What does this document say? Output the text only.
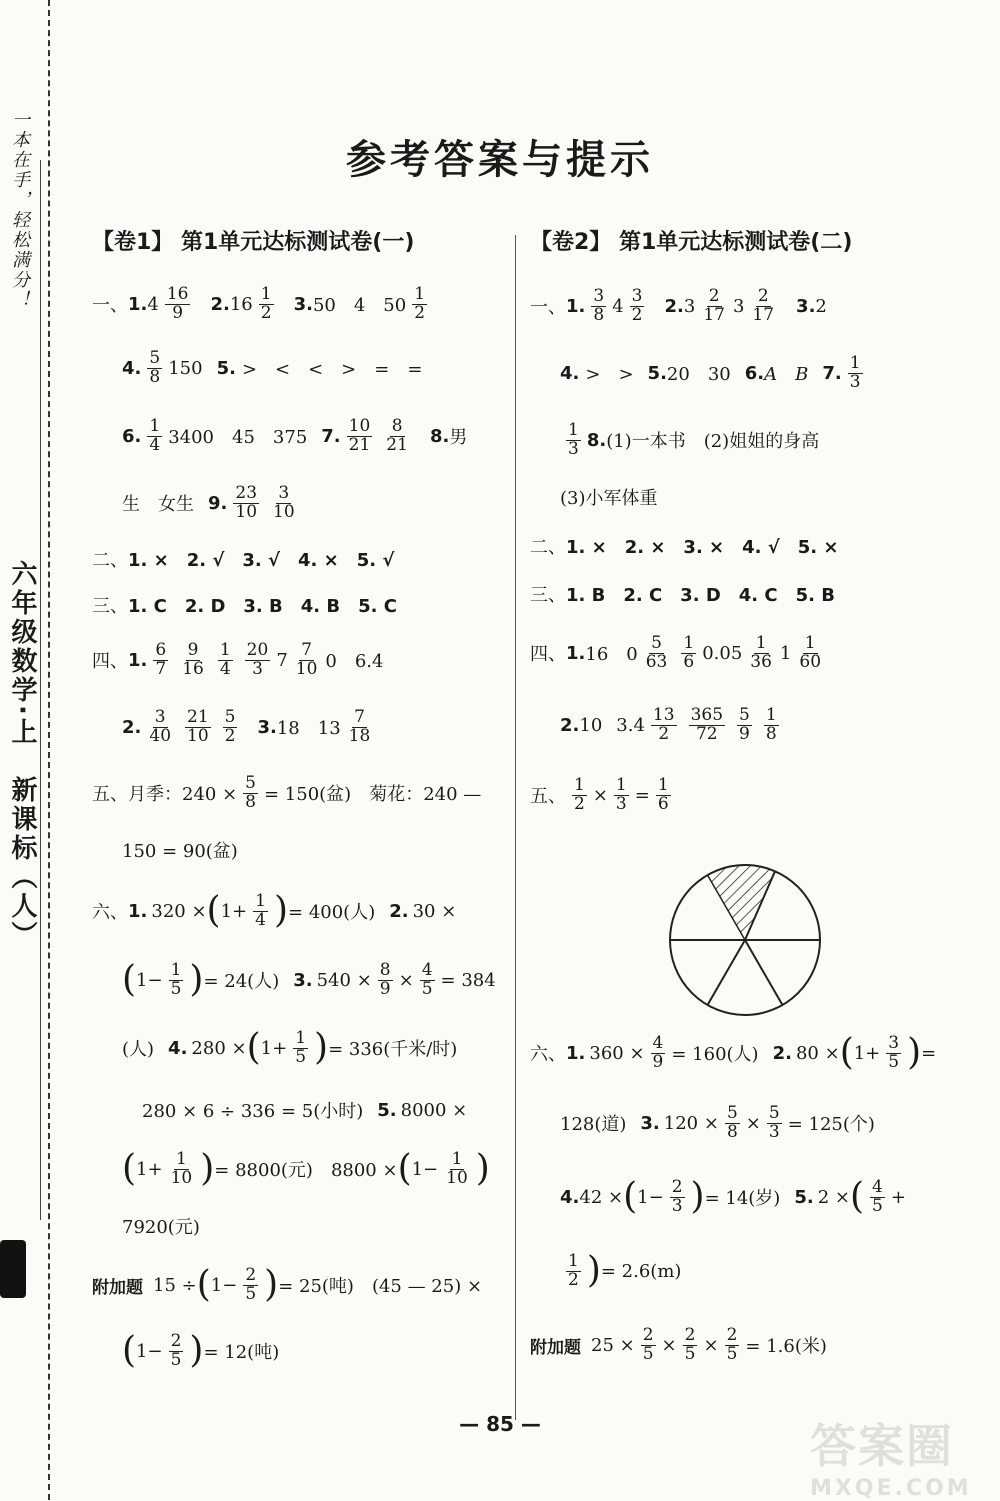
一本在手，轻松满分！
六年级数学·上　新课标（人）
参考答案与提示
【卷1】 第1单元达标测试卷(一)
一、 1. $4 \frac{16}{9} 2$. $16 \frac{1}{2} 3$. 50　4　$50 \frac{1}{2}$
4. $\frac{5}{8} 150$ 5. >　<　<　>　=　=
6. $\frac{1}{4} 3400$　45　375 7. $\frac{10}{21} \frac{8}{21} 8$. 男
生　女生 9. $\frac{23}{10} \frac{3}{10}$
二、 1. ×　2. √　3. √　4. ×　5. √
三、 1. C　2. D　3. B　4. B　5. C
四、 1. $\frac{6}{7} \frac{9}{16} \frac{1}{4} \frac{20}{3} 7 \frac{7}{10} 0$　6.4
2. $\frac{3}{40} \frac{21}{10} \frac{5}{2} 3$. 18　$13 \frac{7}{18}$
五、 月季：$240 \times \frac{5}{8} = 150$(盆)　菊花：240 —
150 = 90(盆)
六、 1. 320 × ( $1+ \frac{1}{4}$ ) = 400(人) 2. 30 ×
( $1- \frac{1}{5}$ ) = 24(人) 3. $540 \times \frac{8}{9} \times \frac{4}{5} = 384$
(人) 4. 280 × ( $1+ \frac{1}{5}$ ) = 336(千米/时)
280 × 6 ÷ 336 = 5(小时) 5. 8000 ×
( $1+ \frac{1}{10}$ ) = 8800(元)　8800 × ( $1- \frac{1}{10}$ )
7920(元)
附加题 15 ÷ ( $1- \frac{2}{5}$ ) = 25(吨)　(45 — 25) ×
( $1- \frac{2}{5}$ ) = 12(吨)
【卷2】 第1单元达标测试卷(二)
一、 1. $\frac{3}{8} 4 \frac{3}{2} 2$. $3 \frac{2}{17} 3 \frac{2}{17} 3$. 2
4. >　> 5. 20　30 6. A　B 7. $\frac{1}{3}$
$\frac{1}{3} 8$. (1)一本书　(2)姐姐的身高
(3)小军体重
二、 1. ×　2. ×　3. ×　4. √　5. ×
三、 1. B　2. C　3. D　4. C　5. B
四、 1. 16　$0 \frac{5}{63} \frac{1}{6} 0.05 \frac{1}{36} 1 \frac{1}{60}$
2. 10 3. $4 \frac{13}{2} \frac{365}{72} \frac{5}{9} \frac{1}{8}$
五、 $\frac{1}{2} \times \frac{1}{3} = \frac{1}{6}$
六、 1. $360 \times \frac{4}{9} = 160$(人) 2. 80 × ( $1+ \frac{3}{5}$ ) =
128(道) 3. $120 \times \frac{5}{8} \times \frac{5}{3} = 125$(个)
4. 42 × ( $1- \frac{2}{3}$ ) = 14(岁) 5. 2 × ( $\frac{4}{5}$ +
$\frac{1}{2}$ ) = 2.6(m)
附加题 $25 \times \frac{2}{5} \times \frac{2}{5} \times \frac{2}{5} = 1.6$(米)
— 85 —	答案圈
MXQE.COM
